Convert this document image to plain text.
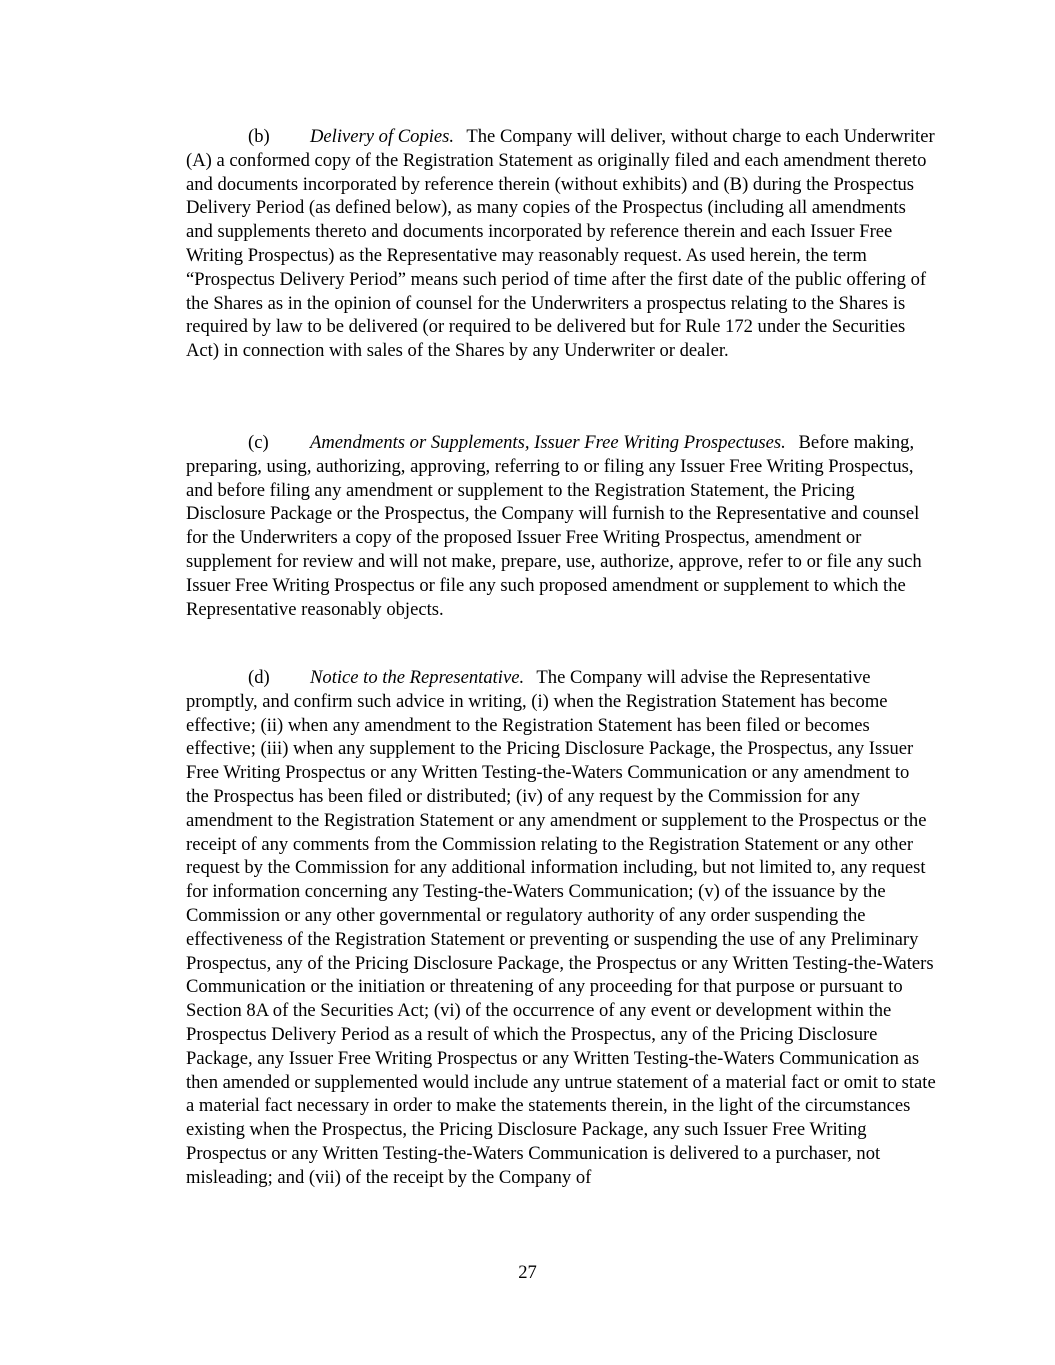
(b) Delivery of Copies. The Company will deliver, without charge to each Underwriter (A) a conformed copy of the Registration Statement as originally filed and each amendment thereto and documents incorporated by reference therein (without exhibits) and (B) during the Prospectus Delivery Period (as defined below), as many copies of the Prospectus (including all amendments and supplements thereto and documents incorporated by reference therein and each Issuer Free Writing Prospectus) as the Representative may reasonably request. As used herein, the term “Prospectus Delivery Period” means such period of time after the first date of the public offering of the Shares as in the opinion of counsel for the Underwriters a prospectus relating to the Shares is required by law to be delivered (or required to be delivered but for Rule 172 under the Securities Act) in connection with sales of the Shares by any Underwriter or dealer.

(c) Amendments or Supplements, Issuer Free Writing Prospectuses. Before making, preparing, using, authorizing, approving, referring to or filing any Issuer Free Writing Prospectus, and before filing any amendment or supplement to the Registration Statement, the Pricing Disclosure Package or the Prospectus, the Company will furnish to the Representative and counsel for the Underwriters a copy of the proposed Issuer Free Writing Prospectus, amendment or supplement for review and will not make, prepare, use, authorize, approve, refer to or file any such Issuer Free Writing Prospectus or file any such proposed amendment or supplement to which the Representative reasonably objects.

(d) Notice to the Representative. The Company will advise the Representative promptly, and confirm such advice in writing, (i) when the Registration Statement has become effective; (ii) when any amendment to the Registration Statement has been filed or becomes effective; (iii) when any supplement to the Pricing Disclosure Package, the Prospectus, any Issuer Free Writing Prospectus or any Written Testing-the-Waters Communication or any amendment to the Prospectus has been filed or distributed; (iv) of any request by the Commission for any amendment to the Registration Statement or any amendment or supplement to the Prospectus or the receipt of any comments from the Commission relating to the Registration Statement or any other request by the Commission for any additional information including, but not limited to, any request for information concerning any Testing-the-Waters Communication; (v) of the issuance by the Commission or any other governmental or regulatory authority of any order suspending the effectiveness of the Registration Statement or preventing or suspending the use of any Preliminary Prospectus, any of the Pricing Disclosure Package, the Prospectus or any Written Testing-the-Waters Communication or the initiation or threatening of any proceeding for that purpose or pursuant to Section 8A of the Securities Act; (vi) of the occurrence of any event or development within the Prospectus Delivery Period as a result of which the Prospectus, any of the Pricing Disclosure Package, any Issuer Free Writing Prospectus or any Written Testing-the-Waters Communication as then amended or supplemented would include any untrue statement of a material fact or omit to state a material fact necessary in order to make the statements therein, in the light of the circumstances existing when the Prospectus, the Pricing Disclosure Package, any such Issuer Free Writing Prospectus or any Written Testing-the-Waters Communication is delivered to a purchaser, not misleading; and (vii) of the receipt by the Company of

27
